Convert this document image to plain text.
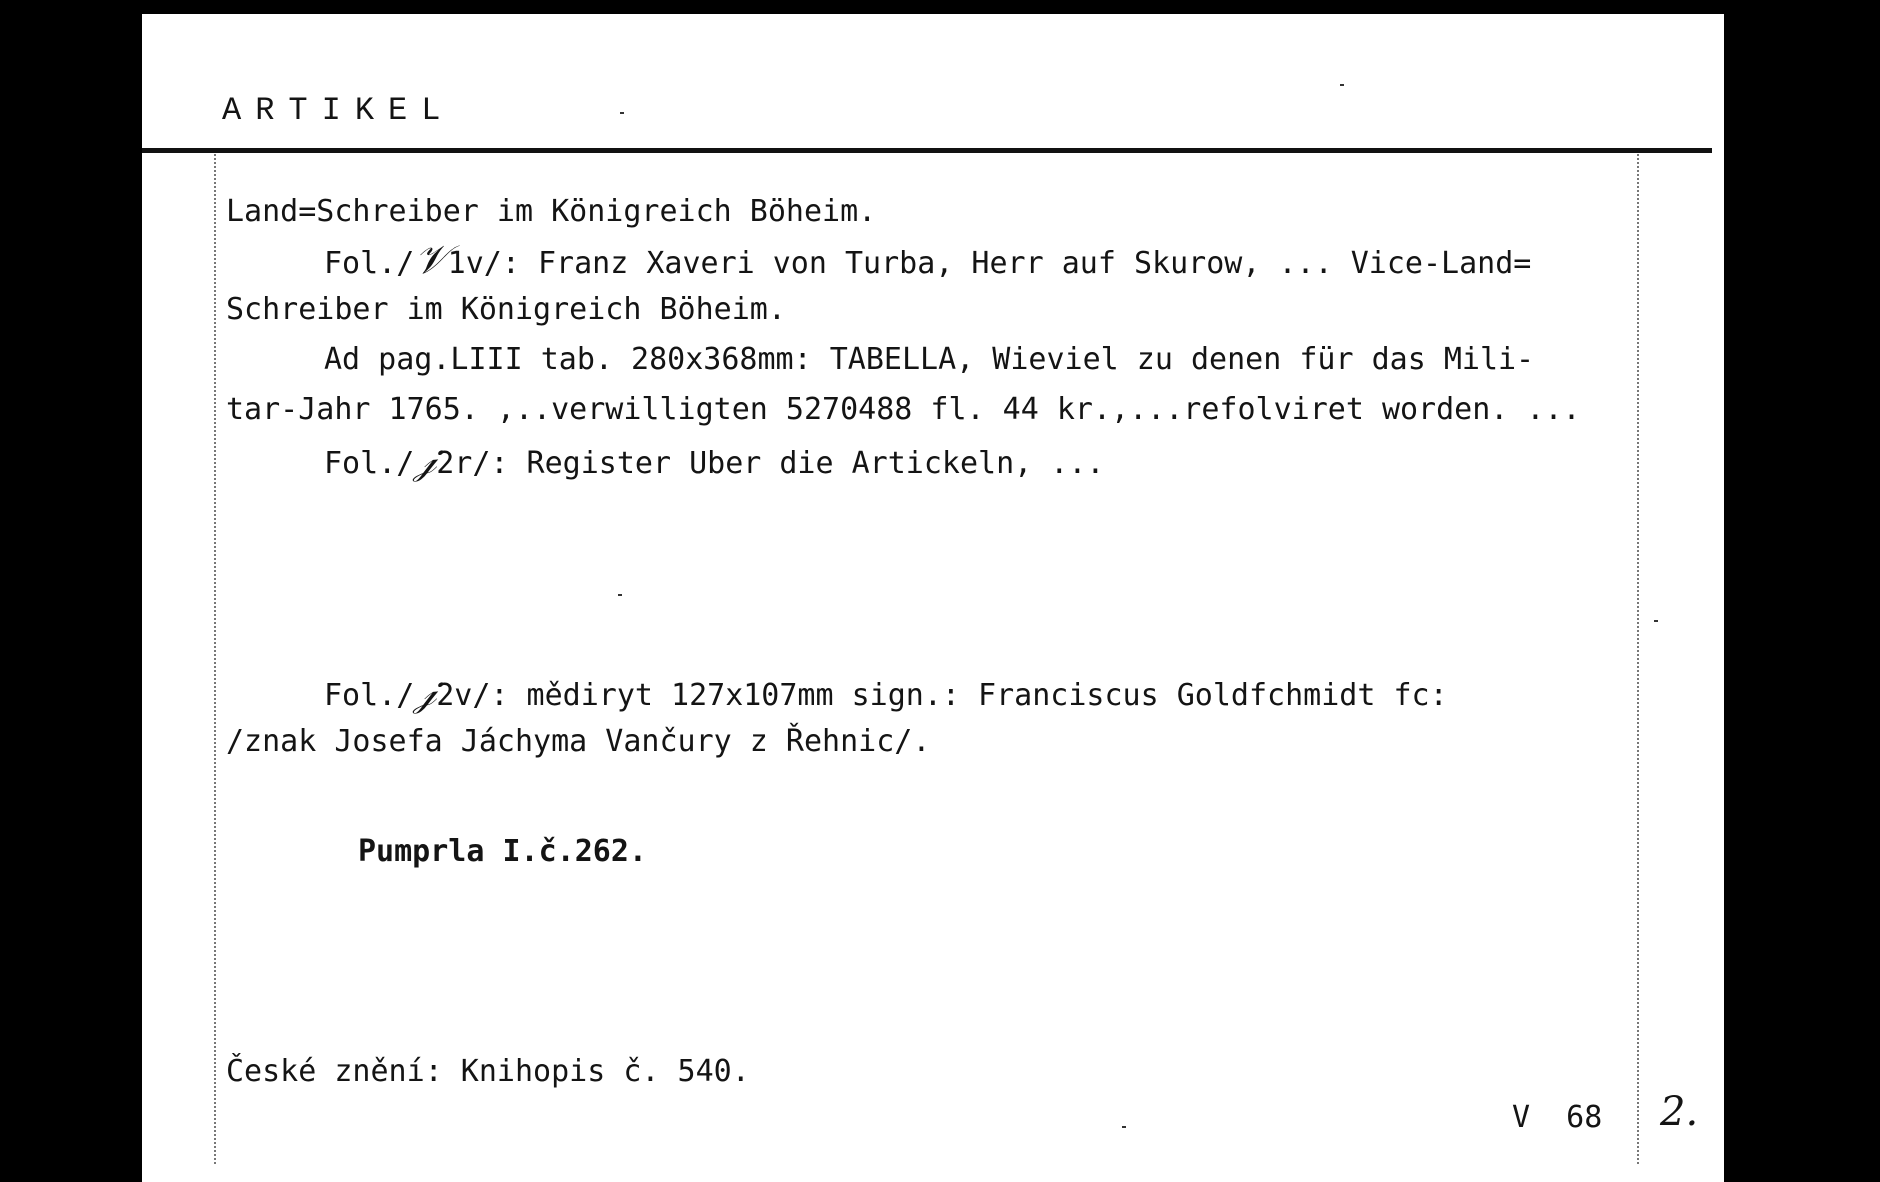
ARTIKEL
Land=Schreiber im Königreich Böheim.
Fol./𝒱1v/: Franz Xaveri von Turba, Herr auf Skurow, ... Vice-Land=
Schreiber im Königreich Böheim.
Ad pag.LIII tab. 280x368mm: TABELLA, Wieviel zu denen für das Mili-
tar-Jahr 1765. ,..verwilligten 5270488 fl. 44 kr.,...refolviret worden. ...
Fol./𝒿2r/: Register Uber die Artickeln, ...
Fol./𝒿2v/: mědiryt 127x107mm sign.: Franciscus Goldfchmidt fc:
/znak Josefa Jáchyma Vančury z Řehnic/.
Pumprla I.č.262.
České znění: Knihopis č. 540.
V  68 2.
